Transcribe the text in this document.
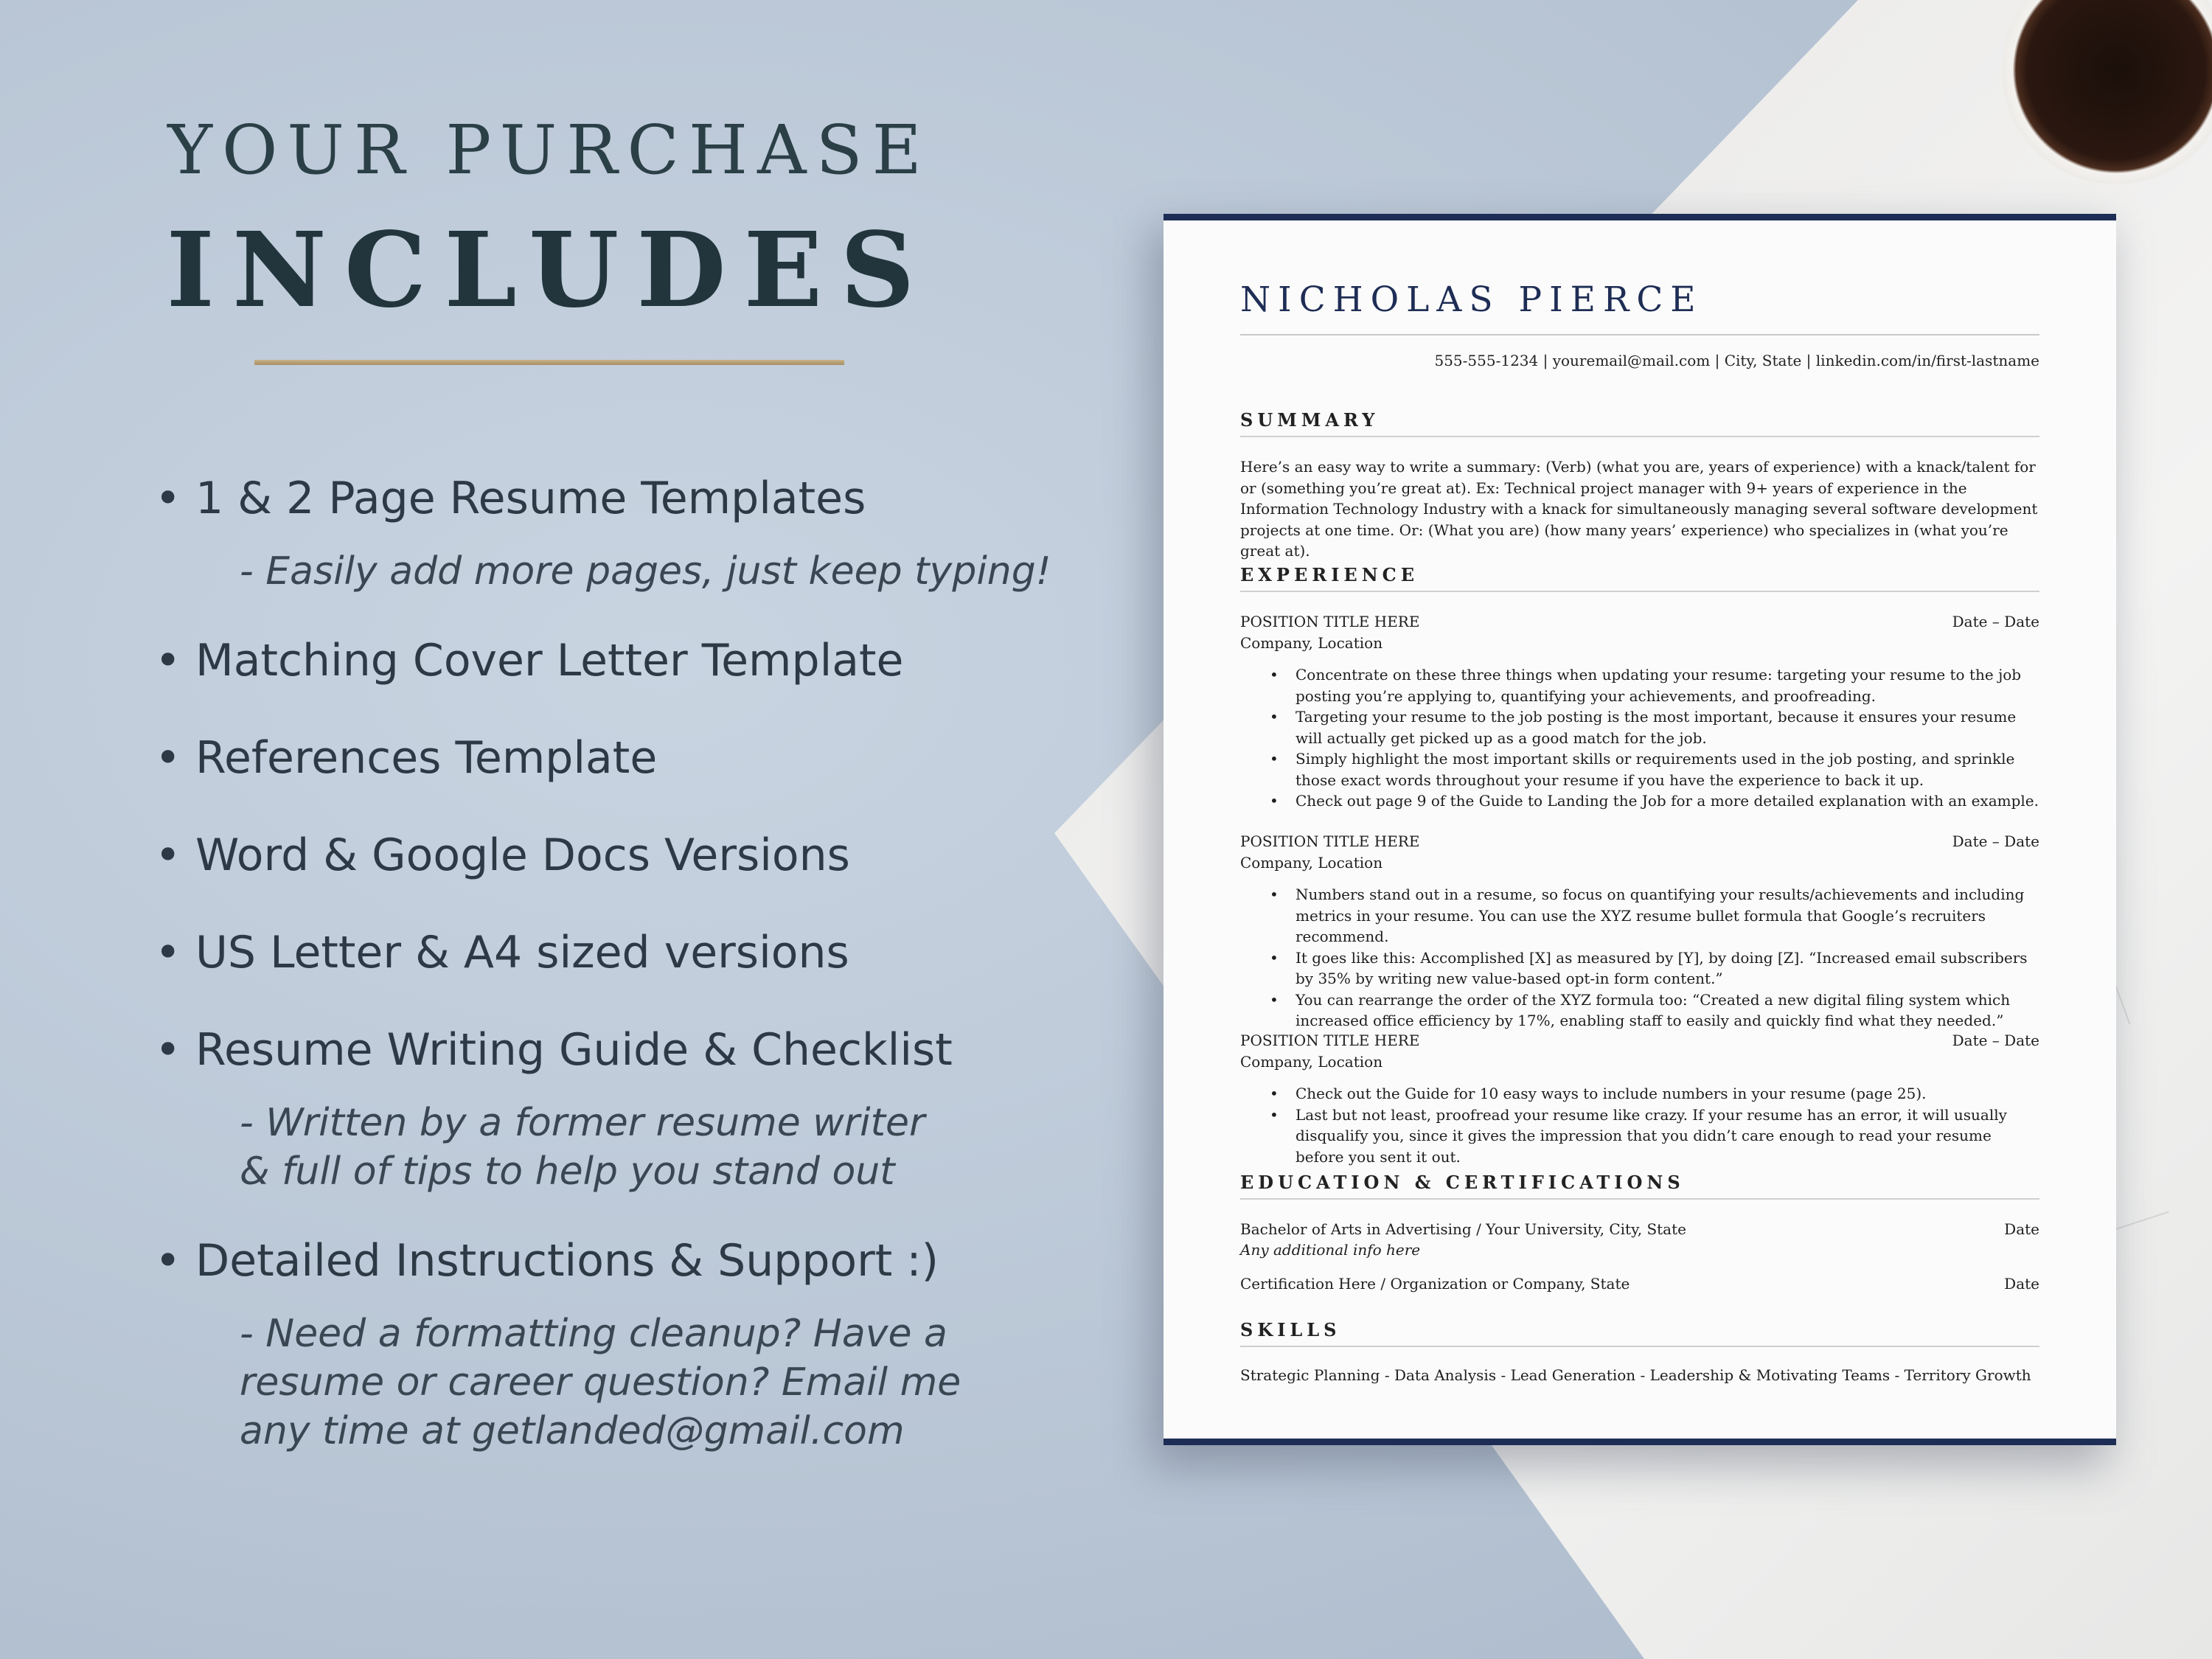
YOUR PURCHASE
INCLUDES
• 1 & 2 Page Resume Templates
- Easily add more pages, just keep typing!
• Matching Cover Letter Template
• References Template
• Word & Google Docs Versions
• US Letter & A4 sized versions
• Resume Writing Guide & Checklist
- Written by a former resume writer
& full of tips to help you stand out
• Detailed Instructions & Support :)
- Need a formatting cleanup? Have a
resume or career question? Email me
any time at getlanded@gmail.com
NICHOLAS PIERCE
555-555-1234 | youremail@mail.com | City, State | linkedin.com/in/first-lastname
SUMMARY
Here’s an easy way to write a summary: (Verb) (what you are, years of experience) with a knack/talent for or (something you’re great at). Ex: Technical project manager with 9+ years of experience in the Information Technology Industry with a knack for simultaneously managing several software development projects at one time. Or: (What you are) (how many years’ experience) who specializes in (what you’re great at).
EXPERIENCE
POSITION TITLE HERE	Date – Date
Company, Location
• Concentrate on these three things when updating your resume: targeting your resume to the job posting you’re applying to, quantifying your achievements, and proofreading.
• Targeting your resume to the job posting is the most important, because it ensures your resume will actually get picked up as a good match for the job.
• Simply highlight the most important skills or requirements used in the job posting, and sprinkle those exact words throughout your resume if you have the experience to back it up.
• Check out page 9 of the Guide to Landing the Job for a more detailed explanation with an example.
POSITION TITLE HERE	Date – Date
Company, Location
• Numbers stand out in a resume, so focus on quantifying your results/achievements and including metrics in your resume. You can use the XYZ resume bullet formula that Google’s recruiters recommend.
• It goes like this: Accomplished [X] as measured by [Y], by doing [Z]. “Increased email subscribers by 35% by writing new value-based opt-in form content.”
• You can rearrange the order of the XYZ formula too: “Created a new digital filing system which increased office efficiency by 17%, enabling staff to easily and quickly find what they needed.”
POSITION TITLE HERE	Date – Date
Company, Location
• Check out the Guide for 10 easy ways to include numbers in your resume (page 25).
• Last but not least, proofread your resume like crazy. If your resume has an error, it will usually disqualify you, since it gives the impression that you didn’t care enough to read your resume before you sent it out.
EDUCATION & CERTIFICATIONS
Bachelor of Arts in Advertising / Your University, City, State	Date
Any additional info here
Certification Here / Organization or Company, State	Date
SKILLS
Strategic Planning - Data Analysis - Lead Generation - Leadership & Motivating Teams - Territory Growth
